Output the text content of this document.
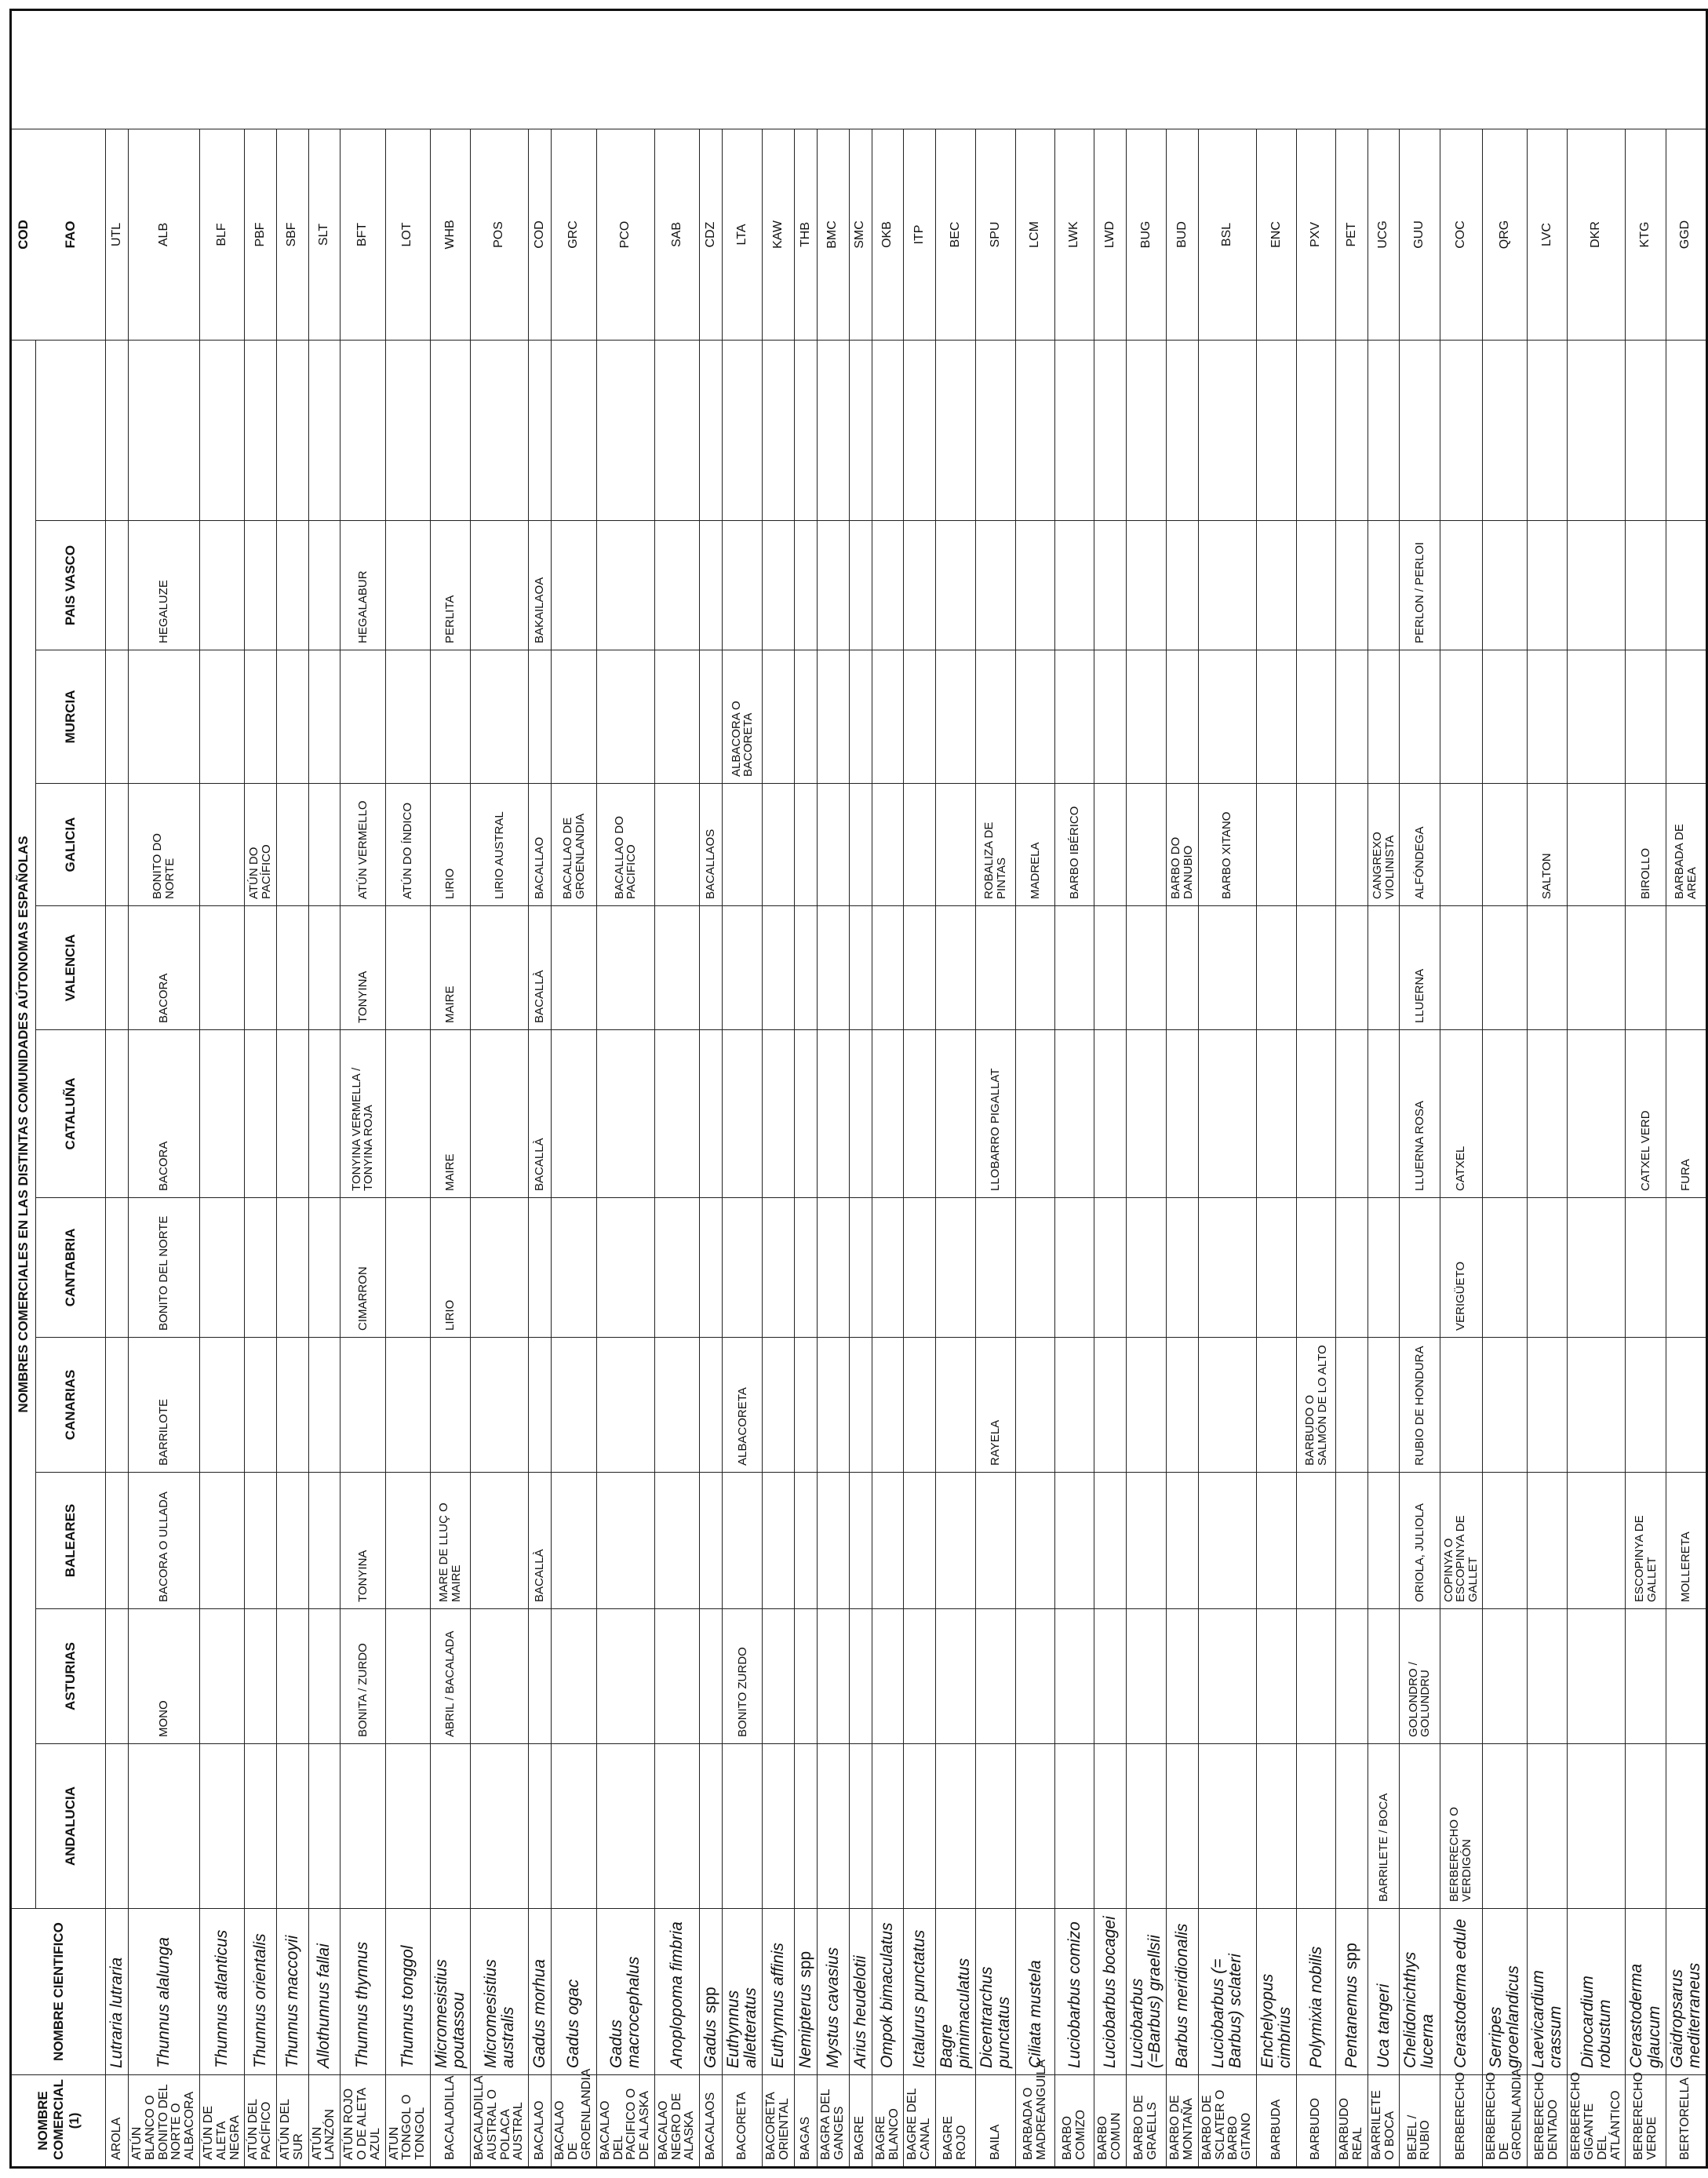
NOMBRE COMERCIAL (1)	NOMBRE CIENTIFICO	NOMBRES COMERCIALES EN LAS DISTINTAS COMUNIDADES AÚTONOMAS ESPAÑOLAS											COD
		ANDALUCIA	ASTURIAS	BALEARES	CANARIAS	CANTABRIA	CATALUÑA	VALENCIA	GALICIA	MURCIA	PAIS VASCO		FAO
AROLA	Lutraria lutraria												UTL
ATÚN BLANCO O BONITO DEL NORTE O ALBACORA	Thunnus alalunga		MONO	BACORA O ULLADA	BARRILOTE	BONITO DEL NORTE	BACORA	BACORA	BONITO DO NORTE		HEGALUZE		ALB
ATÚN DE ALETA NEGRA	Thunnus atlanticus												BLF
ATÚN DEL PACÍFICO	Thunnus orientalis								ATÚN DO PACÍFICO				PBF
ATÚN DEL SUR	Thunnus maccoyii												SBF
ATÚN LANZÓN	Allothunnus fallai												SLT
ATÚN ROJO O DE ALETA AZUL	Thunnus thynnus		BONITA / ZURDO	TONYINA		CIMARRON	TONYINA VERMELLA / TONYINA ROJA	TONYINA	ATÚN VERMELLO		HEGALABUR		BFT
ATUN TONGOL O TONGOL	Thunnus tonggol								ATÚN DO ÍNDICO				LOT
BACALADILLA	Micromesistius poutassou		ABRIL / BACALADA	MARE DE LLUÇ O MAIRE		LIRIO	MAIRE	MAIRE	LIRIO		PERLITA		WHB
BACALADILLA AUSTRAL O POLACA AUSTRAL	Micromesistius australis								LIRIO AUSTRAL				POS
BACALAO	Gadus morhua			BACALLÀ			BACALLÀ	BACALLÀ	BACALLAO		BAKAILAOA		COD
BACALAO DE GROENLANDIA	Gadus ogac								BACALLAO DE GROENLANDIA				GRC
BACALAO DEL PACIFICO O DE ALASKA	Gadus macrocephalus								BACALLAO DO PACIFICO				PCO
BACALAO NEGRO DE ALASKA	Anoplopoma fimbria												SAB
BACALAOS	Gadusspp								BACALLAOS				CDZ
BACORETA	Euthynnus alletteratus		BONITO ZURDO		ALBACORETA					ALBACORA O BACORETA			LTA
BACORETA ORIENTAL	Euthynnus affinis												KAW
BAGAS	Nemipterusspp												THB
BAGRA DEL GANGES	Mystus cavasius												BMC
BAGRE	Arius heudelotii												SMC
BAGRE BLANCO	Ompok bimaculatus												OKB
BAGRE DEL CANAL	Ictalurus punctatus												ITP
BAGRE ROJO	Bagre pinnimaculatus												BEC
BAILA	Dicentrarchus punctatus				RAYELA		LLOBARRO PIGALLAT		ROBALIZA DE PINTAS				SPU
BARBADA O MADREANGUILA	Ciliata mustela								MADRELA				LCM
BARBO COMIZO	Luciobarbus comizo								BARBO IBÉRICO				LWK
BARBO COMUN	Luciobarbus bocagei												LWD
BARBO DE GRAELLS	Luciobarbus (=Barbus) graellsii												BUG
BARBO DE MONTAÑA	Barbus meridionalis								BARBO DO DANUBIO				BUD
BARBO DE SCLATER O BARBO GITANO	Luciobarbus (= Barbus) sclateri								BARBO XITANO				BSL
BARBUDA	Enchelyopus cimbrius												ENC
BARBUDO	Polymixia nobilis				BARBUDO O SALMÓN DE LO ALTO								PXV
BARBUDO REAL	Pentanemusspp												PET
BARRILETE O BOCA	Uca tangeri	BARRILETE / BOCA							CANGREXO VIOLINISTA				UCG
BEJEL / RUBIO	Chelidonichthys lucerna		GOLONDRO / GOLUNDRU	ORIOLA, JULIOLA	RUBIO DE HONDURA		LLUERNA ROSA	LLUERNA	ALFÓNDEGA		PERLON / PERLOI		GUU
BERBERECHO	Cerastoderma edule	BERBERECHO O VERDIGÓN		COPINYA O ESCOPINYA DE GALLET		VERIGÜETO	CATXEL						COC
BERBERECHO DE GROENLANDIA	Serripes groenlandicus												QRG
BERBERECHO DENTADO	Laevicardium crassum								SALTON				LVC
BERBERECHO GIGANTE DEL ATLÁNTICO	Dinocardium robustum												DKR
BERBERECHO VERDE	Cerastoderma glaucum			ESCOPINYA DE GALLET			CATXEL VERD		BIROLLO				KTG
BERTORELLA	Gaidropsarus mediterraneus			MOLLERETA			FURA		BARBADA DE AREA				GGD
